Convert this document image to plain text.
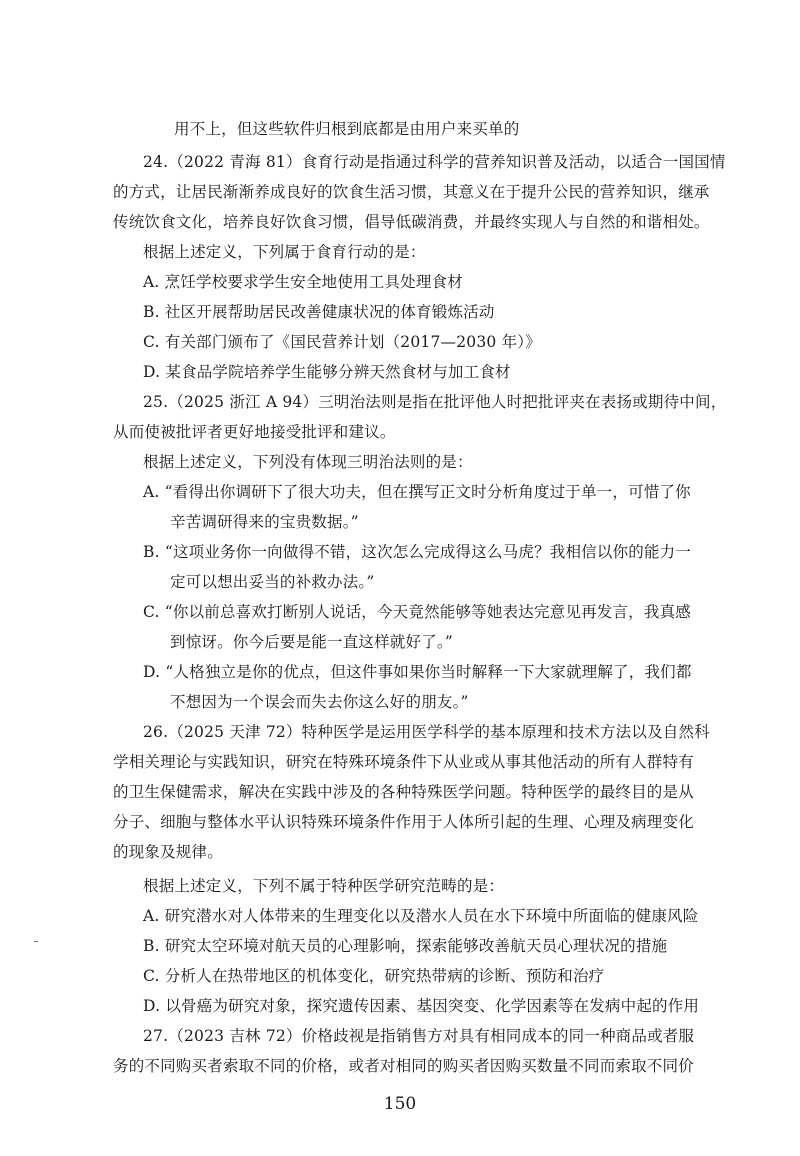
用不上，但这些软件归根到底都是由用户来买单的
24.（2022 青海 81）食育行动是指通过科学的营养知识普及活动，以适合一国国情
的方式，让居民渐渐养成良好的饮食生活习惯，其意义在于提升公民的营养知识，继承
传统饮食文化，培养良好饮食习惯，倡导低碳消费，并最终实现人与自然的和谐相处。
根据上述定义，下列属于食育行动的是：
A. 烹饪学校要求学生安全地使用工具处理食材
B. 社区开展帮助居民改善健康状况的体育锻炼活动
C. 有关部门颁布了《国民营养计划（2017—2030 年）》
D. 某食品学院培养学生能够分辨天然食材与加工食材
25.（2025 浙江 A 94）三明治法则是指在批评他人时把批评夹在表扬或期待中间，
从而使被批评者更好地接受批评和建议。
根据上述定义，下列没有体现三明治法则的是：
A. “看得出你调研下了很大功夫，但在撰写正文时分析角度过于单一，可惜了你
辛苦调研得来的宝贵数据。”
B. “这项业务你一向做得不错，这次怎么完成得这么马虎？我相信以你的能力一
定可以想出妥当的补救办法。”
C. “你以前总喜欢打断别人说话，今天竟然能够等她表达完意见再发言，我真感
到惊讶。你今后要是能一直这样就好了。”
D. “人格独立是你的优点，但这件事如果你当时解释一下大家就理解了，我们都
不想因为一个误会而失去你这么好的朋友。”
26.（2025 天津 72）特种医学是运用医学科学的基本原理和技术方法以及自然科
学相关理论与实践知识，研究在特殊环境条件下从业或从事其他活动的所有人群特有
的卫生保健需求，解决在实践中涉及的各种特殊医学问题。特种医学的最终目的是从
分子、细胞与整体水平认识特殊环境条件作用于人体所引起的生理、心理及病理变化
的现象及规律。
根据上述定义，下列不属于特种医学研究范畴的是：
A. 研究潜水对人体带来的生理变化以及潜水人员在水下环境中所面临的健康风险
B. 研究太空环境对航天员的心理影响，探索能够改善航天员心理状况的措施
C. 分析人在热带地区的机体变化，研究热带病的诊断、预防和治疗
D. 以骨癌为研究对象，探究遗传因素、基因突变、化学因素等在发病中起的作用
27.（2023 吉林 72）价格歧视是指销售方对具有相同成本的同一种商品或者服
务的不同购买者索取不同的价格，或者对相同的购买者因购买数量不同而索取不同价
150
